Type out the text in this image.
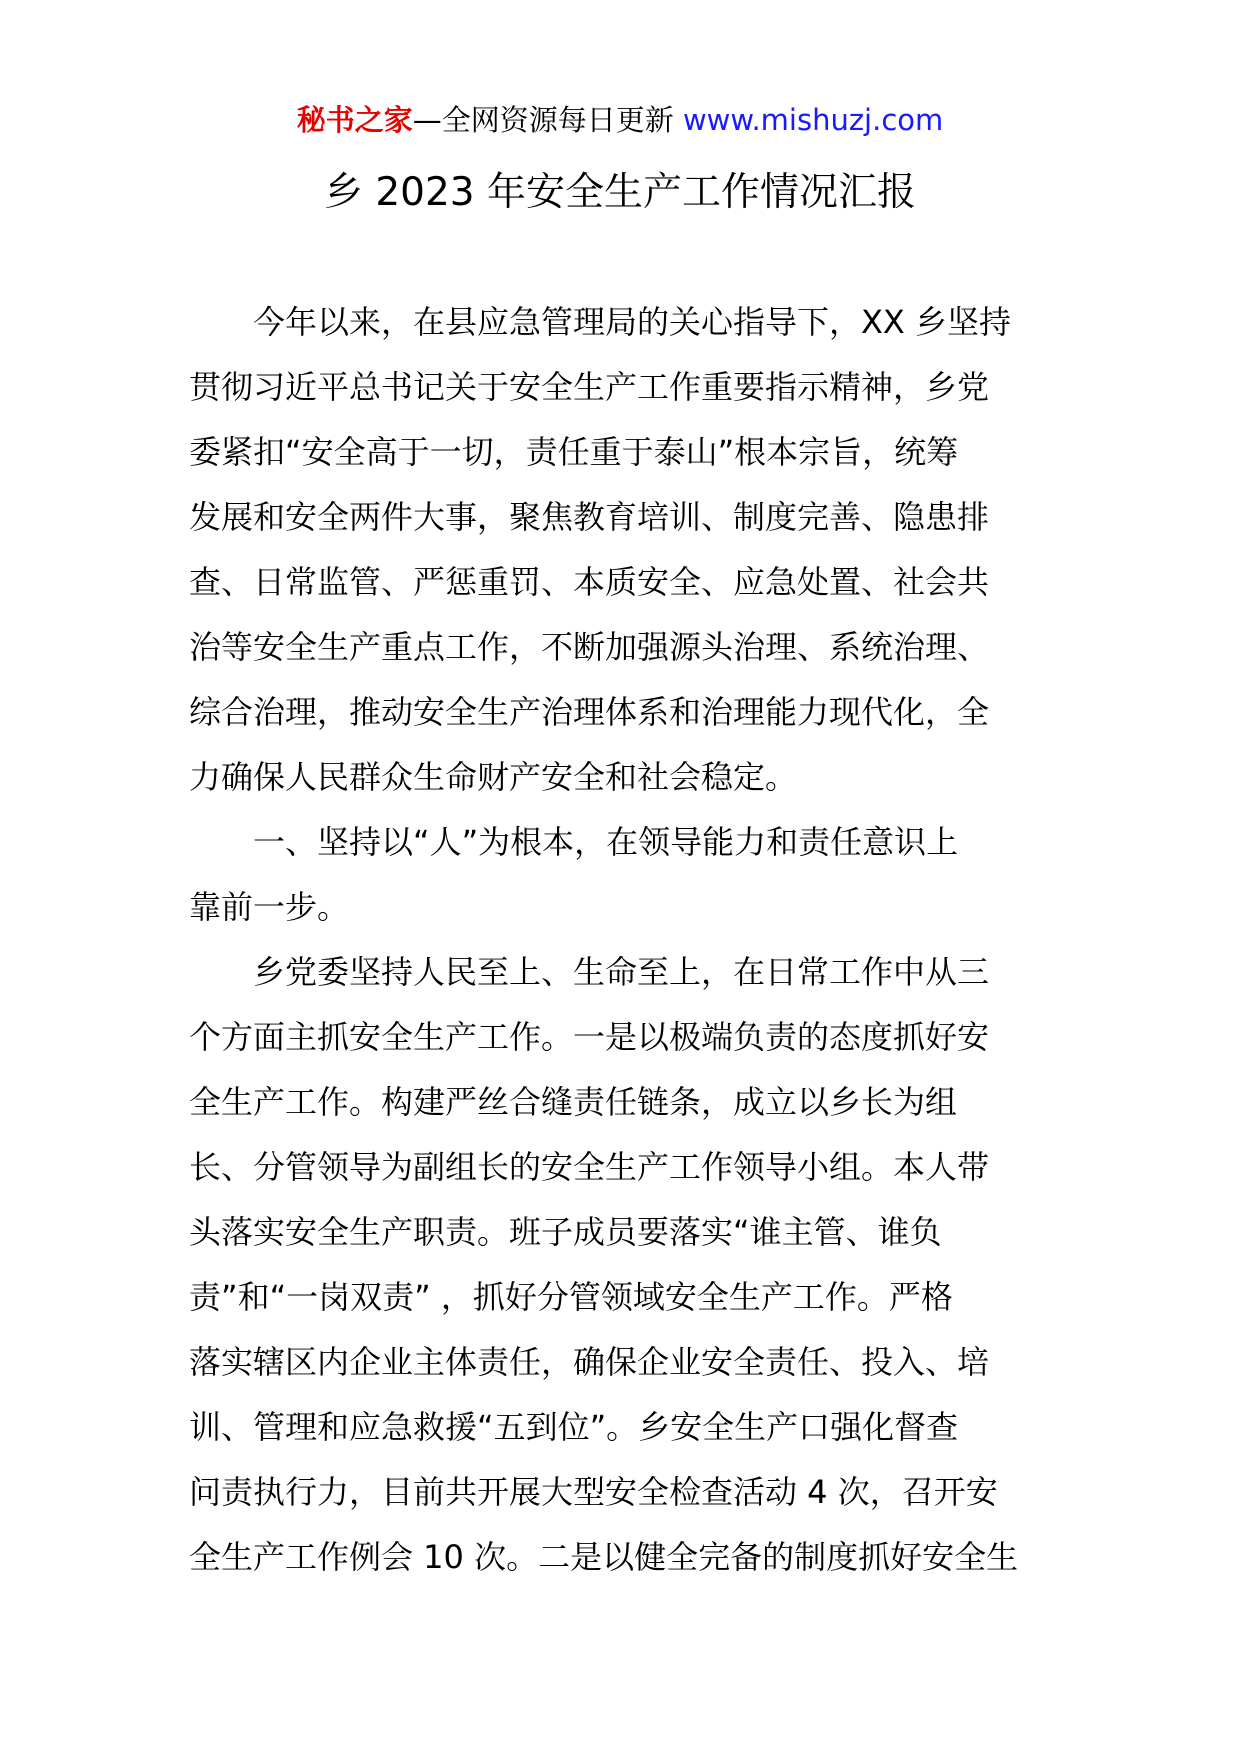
秘书之家—全网资源每日更新 www.mishuzj.com
乡 2023 年安全生产工作情况汇报
今年以来，在县应急管理局的关心指导下，XX 乡坚持
贯彻习近平总书记关于安全生产工作重要指示精神，乡党
委紧扣“安全高于一切，责任重于泰山”根本宗旨，统筹
发展和安全两件大事，聚焦教育培训、制度完善、隐患排
查、日常监管、严惩重罚、本质安全、应急处置、社会共
治等安全生产重点工作，不断加强源头治理、系统治理、
综合治理，推动安全生产治理体系和治理能力现代化，全
力确保人民群众生命财产安全和社会稳定。
一、坚持以“人”为根本，在领导能力和责任意识上
靠前一步。
乡党委坚持人民至上、生命至上，在日常工作中从三
个方面主抓安全生产工作。一是以极端负责的态度抓好安
全生产工作。构建严丝合缝责任链条，成立以乡长为组
长、分管领导为副组长的安全生产工作领导小组。本人带
头落实安全生产职责。班子成员要落实“谁主管、谁负
责”和“一岗双责” ，抓好分管领域安全生产工作。严格
落实辖区内企业主体责任，确保企业安全责任、投入、培
训、管理和应急救援“五到位”。乡安全生产口强化督查
问责执行力，目前共开展大型安全检查活动 4 次，召开安
全生产工作例会 10 次。二是以健全完备的制度抓好安全生
